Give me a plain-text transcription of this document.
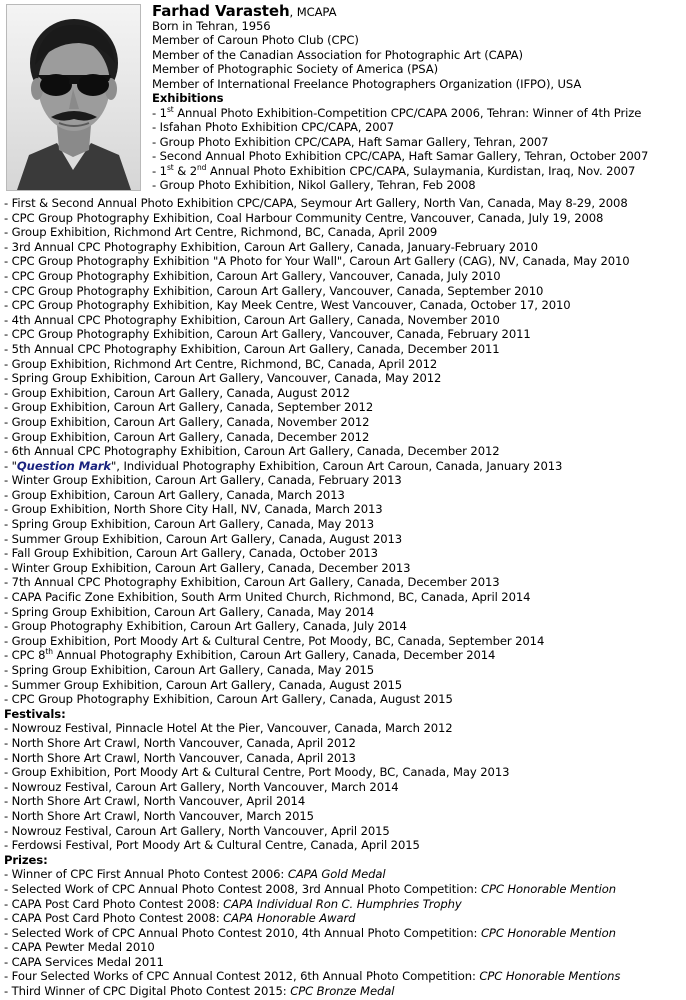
Farhad Varasteh, MCAPA
Born in Tehran, 1956
Member of Caroun Photo Club (CPC)
Member of the Canadian Association for Photographic Art (CAPA)
Member of Photographic Society of America (PSA)
Member of International Freelance Photographers Organization (IFPO), USA
Exhibitions
- 1st Annual Photo Exhibition-Competition CPC/CAPA 2006, Tehran: Winner of 4th Prize
- Isfahan Photo Exhibition CPC/CAPA, 2007
- Group Photo Exhibition CPC/CAPA, Haft Samar Gallery, Tehran, 2007
- Second Annual Photo Exhibition CPC/CAPA, Haft Samar Gallery, Tehran, October 2007
- 1st & 2nd Annual Photo Exhibition CPC/CAPA, Sulaymania, Kurdistan, Iraq, Nov. 2007
- Group Photo Exhibition, Nikol Gallery, Tehran, Feb 2008
- First & Second Annual Photo Exhibition CPC/CAPA, Seymour Art Gallery, North Van, Canada, May 8-29, 2008
- CPC Group Photography Exhibition, Coal Harbour Community Centre, Vancouver, Canada, July 19, 2008
- Group Exhibition, Richmond Art Centre, Richmond, BC, Canada, April 2009
- 3rd Annual CPC Photography Exhibition, Caroun Art Gallery, Canada, January-February 2010
- CPC Group Photography Exhibition "A Photo for Your Wall", Caroun Art Gallery (CAG), NV, Canada, May 2010
- CPC Group Photography Exhibition, Caroun Art Gallery, Vancouver, Canada, July 2010
- CPC Group Photography Exhibition, Caroun Art Gallery, Vancouver, Canada, September 2010
- CPC Group Photography Exhibition, Kay Meek Centre, West Vancouver, Canada, October 17, 2010
- 4th Annual CPC Photography Exhibition, Caroun Art Gallery, Canada, November 2010
- CPC Group Photography Exhibition, Caroun Art Gallery, Vancouver, Canada, February 2011
- 5th Annual CPC Photography Exhibition, Caroun Art Gallery, Canada, December 2011
- Group Exhibition, Richmond Art Centre, Richmond, BC, Canada, April 2012
- Spring Group Exhibition, Caroun Art Gallery, Vancouver, Canada, May 2012
- Group Exhibition, Caroun Art Gallery, Canada, August 2012
- Group Exhibition, Caroun Art Gallery, Canada, September 2012
- Group Exhibition, Caroun Art Gallery, Canada, November 2012
- Group Exhibition, Caroun Art Gallery, Canada, December 2012
- 6th Annual CPC Photography Exhibition, Caroun Art Gallery, Canada, December 2012
- "Question Mark", Individual Photography Exhibition, Caroun Art Caroun, Canada, January 2013
- Winter Group Exhibition, Caroun Art Gallery, Canada, February 2013
- Group Exhibition, Caroun Art Gallery, Canada, March 2013
- Group Exhibition, North Shore City Hall, NV, Canada, March 2013
- Spring Group Exhibition, Caroun Art Gallery, Canada, May 2013
- Summer Group Exhibition, Caroun Art Gallery, Canada, August 2013
- Fall Group Exhibition, Caroun Art Gallery, Canada, October 2013
- Winter Group Exhibition, Caroun Art Gallery, Canada, December 2013
- 7th Annual CPC Photography Exhibition, Caroun Art Gallery, Canada, December 2013
- CAPA Pacific Zone Exhibition, South Arm United Church, Richmond, BC, Canada, April 2014
- Spring Group Exhibition, Caroun Art Gallery, Canada, May 2014
- Group Photography Exhibition, Caroun Art Gallery, Canada, July 2014
- Group Exhibition, Port Moody Art & Cultural Centre, Pot Moody, BC, Canada, September 2014
- CPC 8th Annual Photography Exhibition, Caroun Art Gallery, Canada, December 2014
- Spring Group Exhibition, Caroun Art Gallery, Canada, May 2015
- Summer Group Exhibition, Caroun Art Gallery, Canada, August 2015
- CPC Group Photography Exhibition, Caroun Art Gallery, Canada, August 2015
Festivals:
- Nowrouz Festival, Pinnacle Hotel At the Pier, Vancouver, Canada, March 2012
- North Shore Art Crawl, North Vancouver, Canada, April 2012
- North Shore Art Crawl, North Vancouver, Canada, April 2013
- Group Exhibition, Port Moody Art & Cultural Centre, Port Moody, BC, Canada, May 2013
- Nowrouz Festival, Caroun Art Gallery, North Vancouver, March 2014
- North Shore Art Crawl, North Vancouver, April 2014
- North Shore Art Crawl, North Vancouver, March 2015
- Nowrouz Festival, Caroun Art Gallery, North Vancouver, April 2015
- Ferdowsi Festival, Port Moody Art & Cultural Centre, Canada, April 2015
Prizes:
- Winner of CPC First Annual Photo Contest 2006: CAPA Gold Medal
- Selected Work of CPC Annual Photo Contest 2008, 3rd Annual Photo Competition: CPC Honorable Mention
- CAPA Post Card Photo Contest 2008: CAPA Individual Ron C. Humphries Trophy
- CAPA Post Card Photo Contest 2008: CAPA Honorable Award
- Selected Work of CPC Annual Photo Contest 2010, 4th Annual Photo Competition: CPC Honorable Mention
- CAPA Pewter Medal 2010
- CAPA Services Medal 2011
- Four Selected Works of CPC Annual Contest 2012, 6th Annual Photo Competition: CPC Honorable Mentions
- Third Winner of CPC Digital Photo Contest 2015: CPC Bronze Medal
